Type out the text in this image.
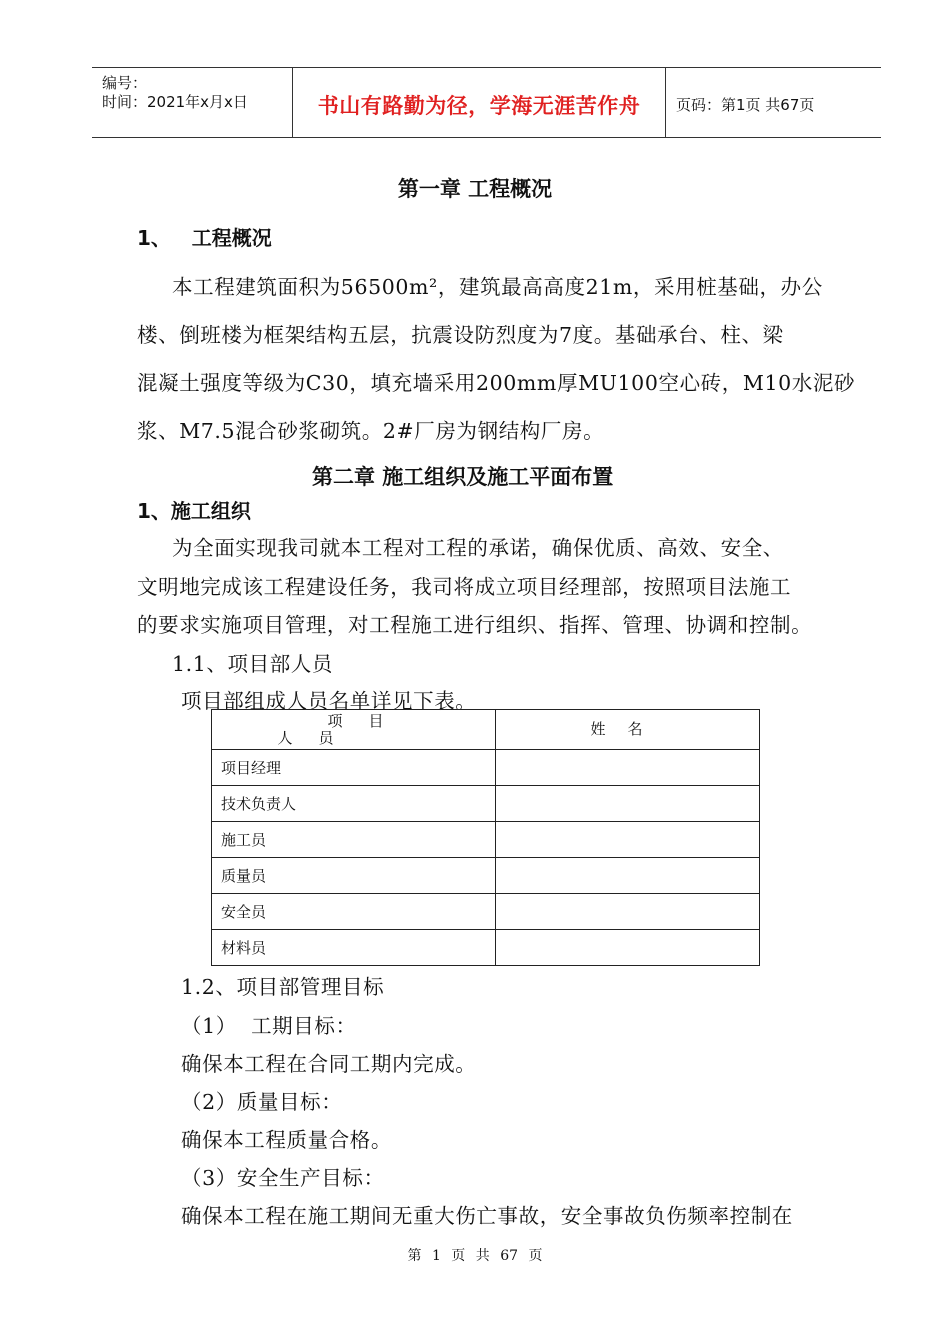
编号：
时间：2021年x月x日	书山有路勤为径，学海无涯苦作舟	页码：第1页 共67页
第一章 工程概况
1、   工程概况
本工程建筑面积为56500m²，建筑最高高度21m，采用桩基础，办公
楼、倒班楼为框架结构五层，抗震设防烈度为7度。基础承台、柱、梁
混凝土强度等级为C30，填充墙采用200mm厚MU100空心砖，M10水泥砂
浆、M7.5混合砂浆砌筑。2#厂房为钢结构厂房。
第二章 施工组织及施工平面布置
1、施工组织
为全面实现我司就本工程对工程的承诺，确保优质、高效、安全、
文明地完成该工程建设任务，我司将成立项目经理部，按照项目法施工
的要求实施项目管理，对工程施工进行组织、指挥、管理、协调和控制。
1.1、项目部人员
项目部组成人员名单详见下表。
项目
人员	姓名
项目经理	
技术负责人	
施工员	
质量员	
安全员	
材料员	
1.2、项目部管理目标
（1）  工期目标：
确保本工程在合同工期内完成。
（2）质量目标：
确保本工程质量合格。
（3）安全生产目标：
确保本工程在施工期间无重大伤亡事故，安全事故负伤频率控制在
第 1 页 共 67 页
